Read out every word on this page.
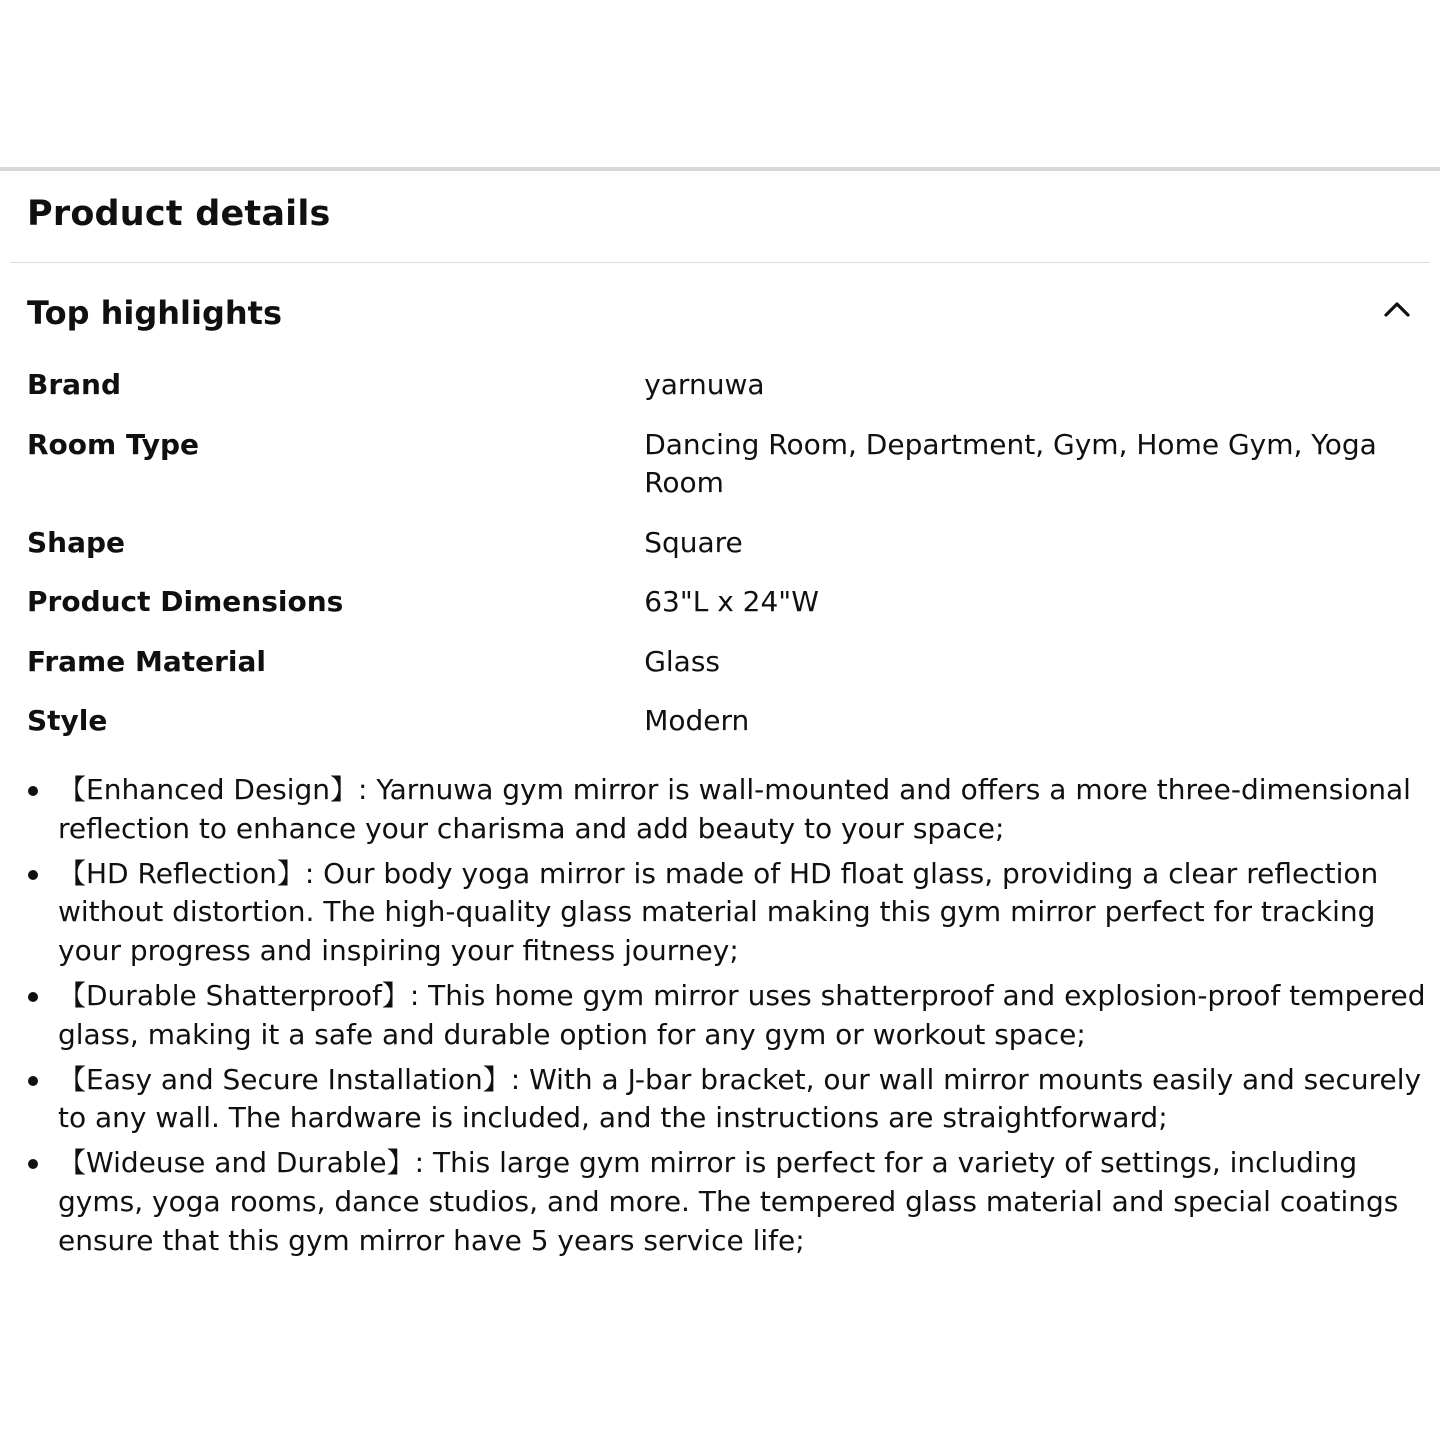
Product details
Top highlights
Brand	yarnuwa
Room Type	Dancing Room, Department, Gym, Home Gym, Yoga Room
Shape	Square
Product Dimensions	63"L x 24"W
Frame Material	Glass
Style	Modern
【Enhanced Design】: Yarnuwa gym mirror is wall-mounted and offers a more three-dimensional reflection to enhance your charisma and add beauty to your space;
【HD Reflection】: Our body yoga mirror is made of HD float glass, providing a clear reflection without distortion. The high-quality glass material making this gym mirror perfect for tracking your progress and inspiring your fitness journey;
【Durable Shatterproof】: This home gym mirror uses shatterproof and explosion-proof tempered glass, making it a safe and durable option for any gym or workout space;
【Easy and Secure Installation】: With a J-bar bracket, our wall mirror mounts easily and securely to any wall. The hardware is included, and the instructions are straightforward;
【Wideuse and Durable】: This large gym mirror is perfect for a variety of settings, including gyms, yoga rooms, dance studios, and more. The tempered glass material and special coatings ensure that this gym mirror have 5 years service life;
